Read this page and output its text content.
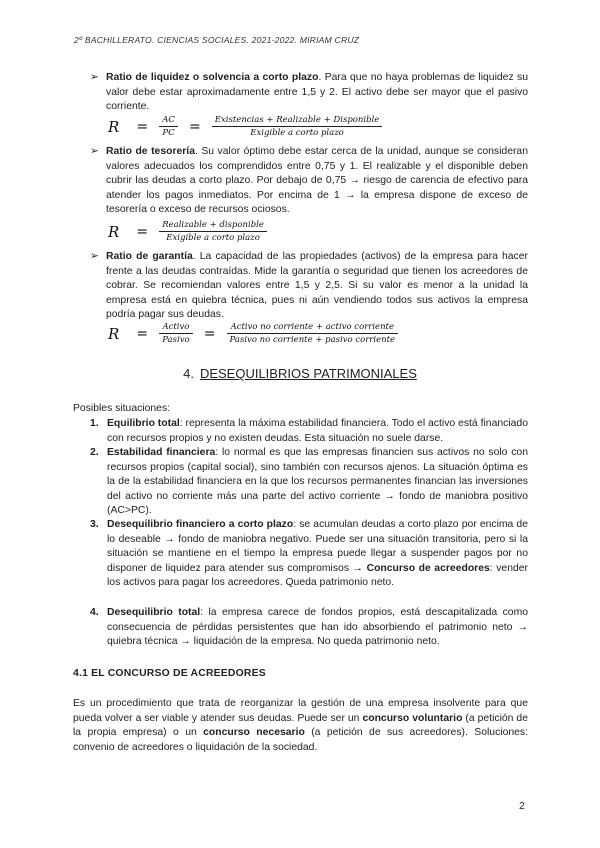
2º BACHILLERATO. CIENCIAS SOCIALES. 2021-2022. MIRIAM CRUZ
➢ Ratio de liquidez o solvencia a corto plazo. Para que no haya problemas de liquidez su valor debe estar aproximadamente entre 1,5 y 2. El activo debe ser mayor que el pasivo corriente.
$R = \frac{AC}{PC} = \frac{\text{Existencias + Realizable + Disponible}}{\text{Exigible a corto plazo}}$
➢ Ratio de tesorería. Su valor óptimo debe estar cerca de la unidad, aunque se consideran valores adecuados los comprendidos entre 0,75 y 1. El realizable y el disponible deben cubrir las deudas a corto plazo. Por debajo de 0,75 → riesgo de carencia de efectivo para atender los pagos inmediatos. Por encima de 1 → la empresa dispone de exceso de tesorería o exceso de recursos ociosos.
$R = \frac{\text{Realizable + disponible}}{\text{Exigible a corto plazo}}$
➢ Ratio de garantía. La capacidad de las propiedades (activos) de la empresa para hacer frente a las deudas contraídas. Mide la garantía o seguridad que tienen los acreedores de cobrar. Se recomiendan valores entre 1,5 y 2,5. Si su valor es menor a la unidad la empresa está en quiebra técnica, pues ni aún vendiendo todos sus activos la empresa podría pagar sus deudas.
$R = \frac{\text{Activo}}{\text{Pasivo}} = \frac{\text{Activo no corriente + activo corriente}}{\text{Pasivo no corriente + pasivo corriente}}$
4. DESEQUILIBRIOS PATRIMONIALES
Posibles situaciones:
1. Equilibrio total: representa la máxima estabilidad financiera. Todo el activo está financiado con recursos propios y no existen deudas. Esta situación no suele darse.
2. Estabilidad financiera: lo normal es que las empresas financien sus activos no solo con recursos propios (capital social), sino también con recursos ajenos. La situación óptima es la de la estabilidad financiera en la que los recursos permanentes financian las inversiones del activo no corriente más una parte del activo corriente → fondo de maniobra positivo (AC>PC).
3. Desequilibrio financiero a corto plazo: se acumulan deudas a corto plazo por encima de lo deseable → fondo de maniobra negativo. Puede ser una situación transitoria, pero si la situación se mantiene en el tiempo la empresa puede llegar a suspender pagos por no disponer de liquidez para atender sus compromisos → Concurso de acreedores: vender los activos para pagar los acreedores. Queda patrimonio neto.
4. Desequilibrio total: la empresa carece de fondos propios, está descapitalizada como consecuencia de pérdidas persistentes que han ido absorbiendo el patrimonio neto → quiebra técnica → liquidación de la empresa. No queda patrimonio neto.
4.1 EL CONCURSO DE ACREEDORES
Es un procedimiento que trata de reorganizar la gestión de una empresa insolvente para que pueda volver a ser viable y atender sus deudas. Puede ser un concurso voluntario (a petición de la propia empresa) o un concurso necesario (a petición de sus acreedores). Soluciones: convenio de acreedores o liquidación de la sociedad.
2
